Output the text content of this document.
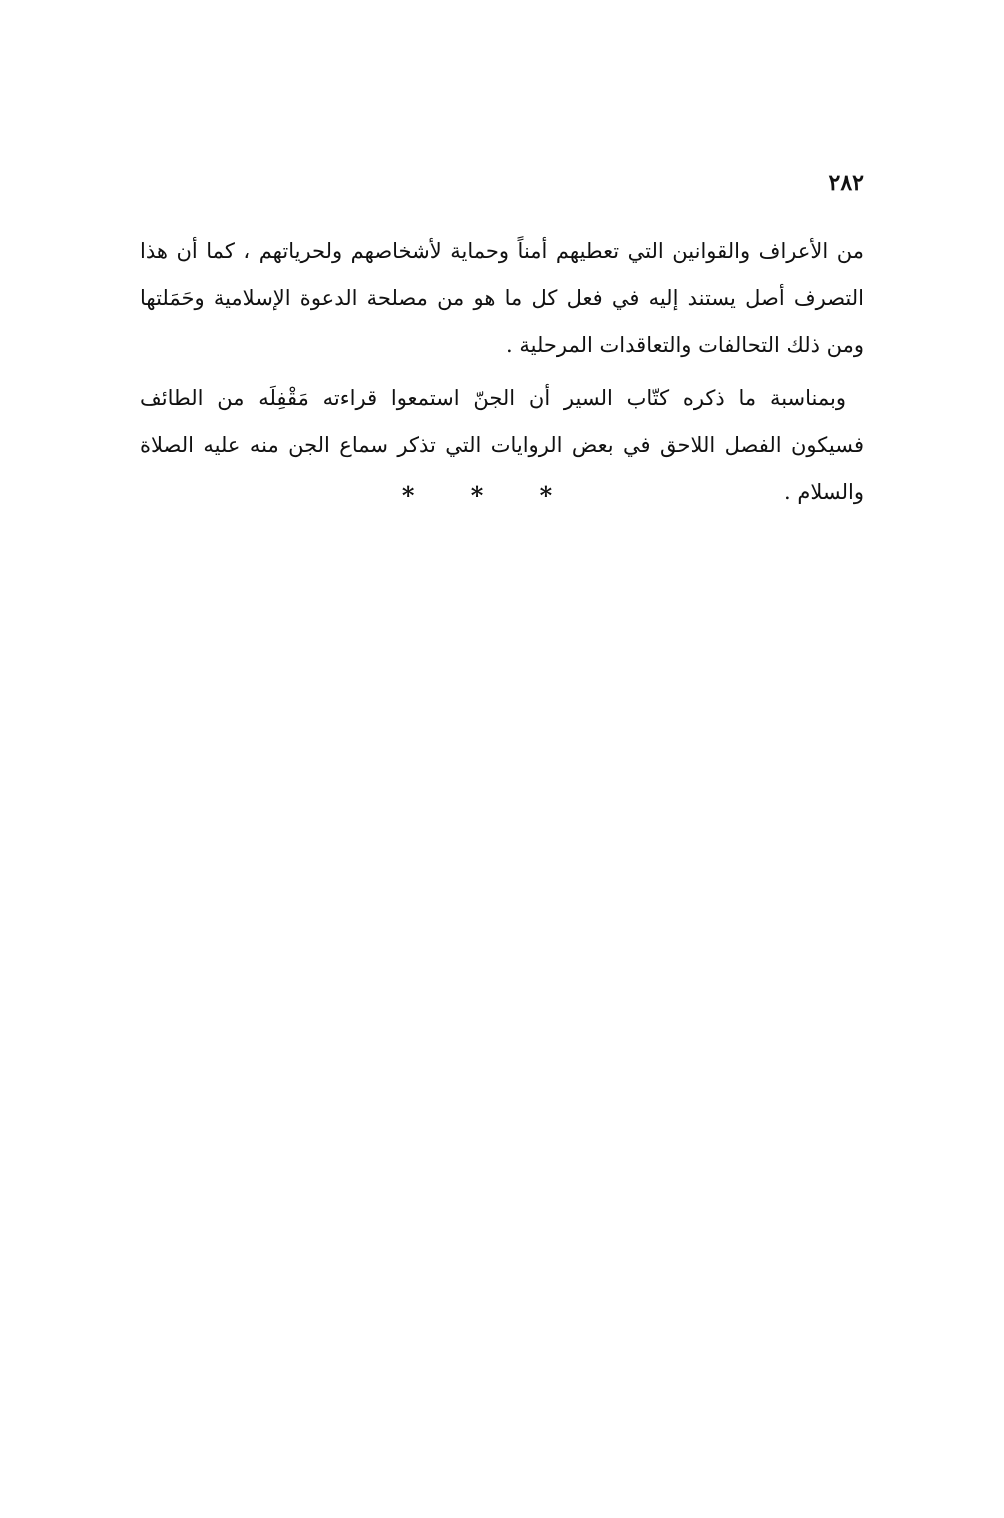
٢٨٢

من الأعراف والقوانين التي تعطيهم أمناً وحماية لأشخاصهم ولحرياتهم ، كما أن هذا التصرف أصل يستند إليه في فعل كل ما هو من مصلحة الدعوة الإسلامية وحَمَلتها ومن ذلك التحالفات والتعاقدات المرحلية .

وبمناسبة ما ذكره كتّاب السير أن الجنّ استمعوا قراءته مَقْفِلَه من الطائف فسيكون الفصل اللاحق في بعض الروايات التي تذكر سماع الجن منه عليه الصلاة والسلام .

* * *
